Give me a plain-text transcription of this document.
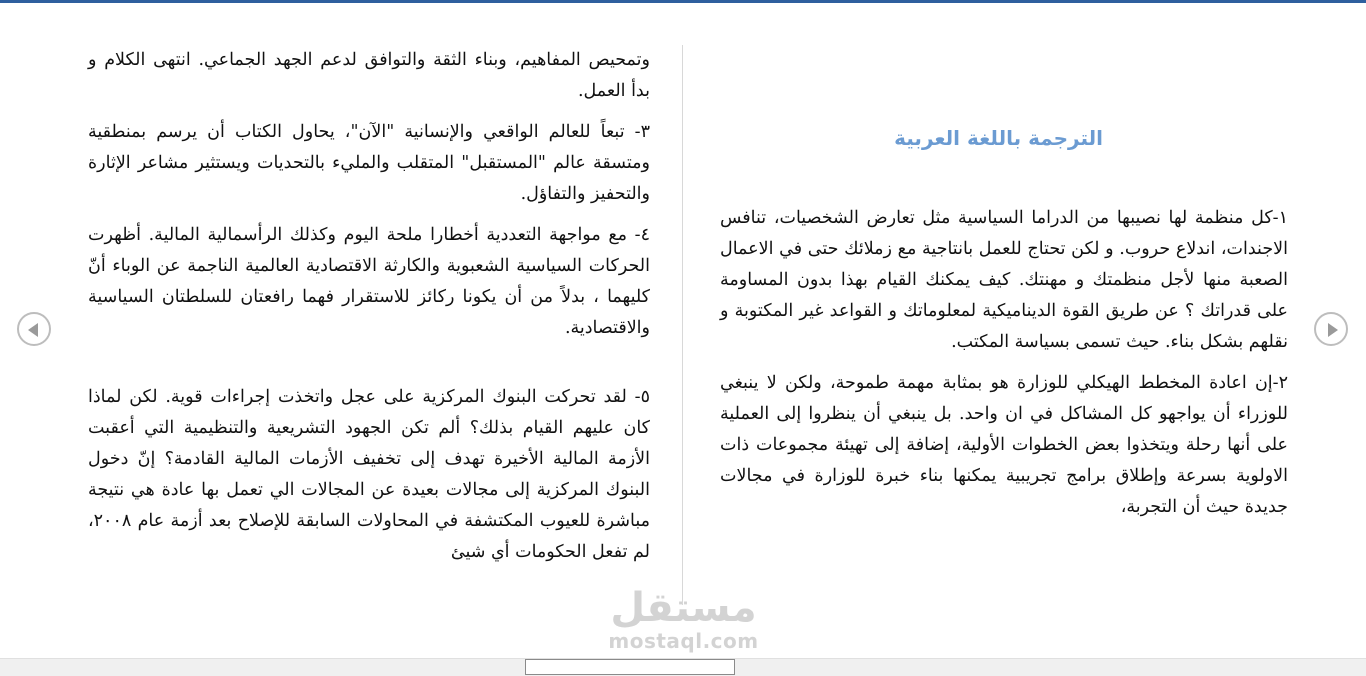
وتمحيص المفاهيم، وبناء الثقة والتوافق لدعم الجهد الجماعي. انتهى الكلام و بدأ العمل.

٣- تبعاً للعالم الواقعي والإنسانية "الآن"، يحاول الكتاب أن يرسم بمنطقية ومتسقة عالم "المستقبل" المتقلب والمليء بالتحديات ويستثير مشاعر الإثارة والتحفيز والتفاؤل.

٤- مع مواجهة التعددية أخطارا ملحة اليوم وكذلك الرأسمالية المالية. أظهرت الحركات السياسية الشعبوية والكارثة الاقتصادية العالمية الناجمة عن الوباء أنّ كليهما ، بدلاً من أن يكونا ركائز للاستقرار فهما رافعتان للسلطتان السياسية والاقتصادية.

٥- لقد تحركت البنوك المركزية على عجل واتخذت إجراءات قوية. لكن لماذا كان عليهم القيام بذلك؟ ألم تكن الجهود التشريعية والتنظيمية التي أعقبت الأزمة المالية الأخيرة تهدف إلى تخفيف الأزمات المالية القادمة؟ إنّ دخول البنوك المركزية إلى مجالات بعيدة عن المجالات الي تعمل بها عادة هي نتيجة مباشرة للعيوب المكتشفة في المحاولات السابقة للإصلاح بعد أزمة عام ٢٠٠٨، لم تفعل الحكومات أي شيئ

الترجمة باللغة العربية

١-كل منظمة لها نصيبها من الدراما السياسية مثل تعارض الشخصيات، تنافس الاجندات، اندلاع حروب. و لكن تحتاج للعمل بانتاجية مع زملائك حتى في الاعمال الصعبة منها لأجل منظمتك و مهنتك. كيف يمكنك القيام بهذا بدون المساومة على قدراتك ؟ عن طريق القوة الديناميكية لمعلوماتك و القواعد غير المكتوبة و نقلهم بشكل بناء. حيث تسمى بسياسة المكتب.

٢-إن اعادة المخطط الهيكلي للوزارة هو بمثابة مهمة طموحة، ولكن لا ينبغي للوزراء أن يواجهو كل المشاكل في ان واحد. بل ينبغي أن ينظروا إلى العملية على أنها رحلة ويتخذوا بعض الخطوات الأولية، إضافة إلى تهيئة مجموعات ذات الاولوية بسرعة وإطلاق برامج تجريبية يمكنها بناء خبرة للوزارة في مجالات جديدة حيث أن التجربة،

مستقل
mostaql.com
